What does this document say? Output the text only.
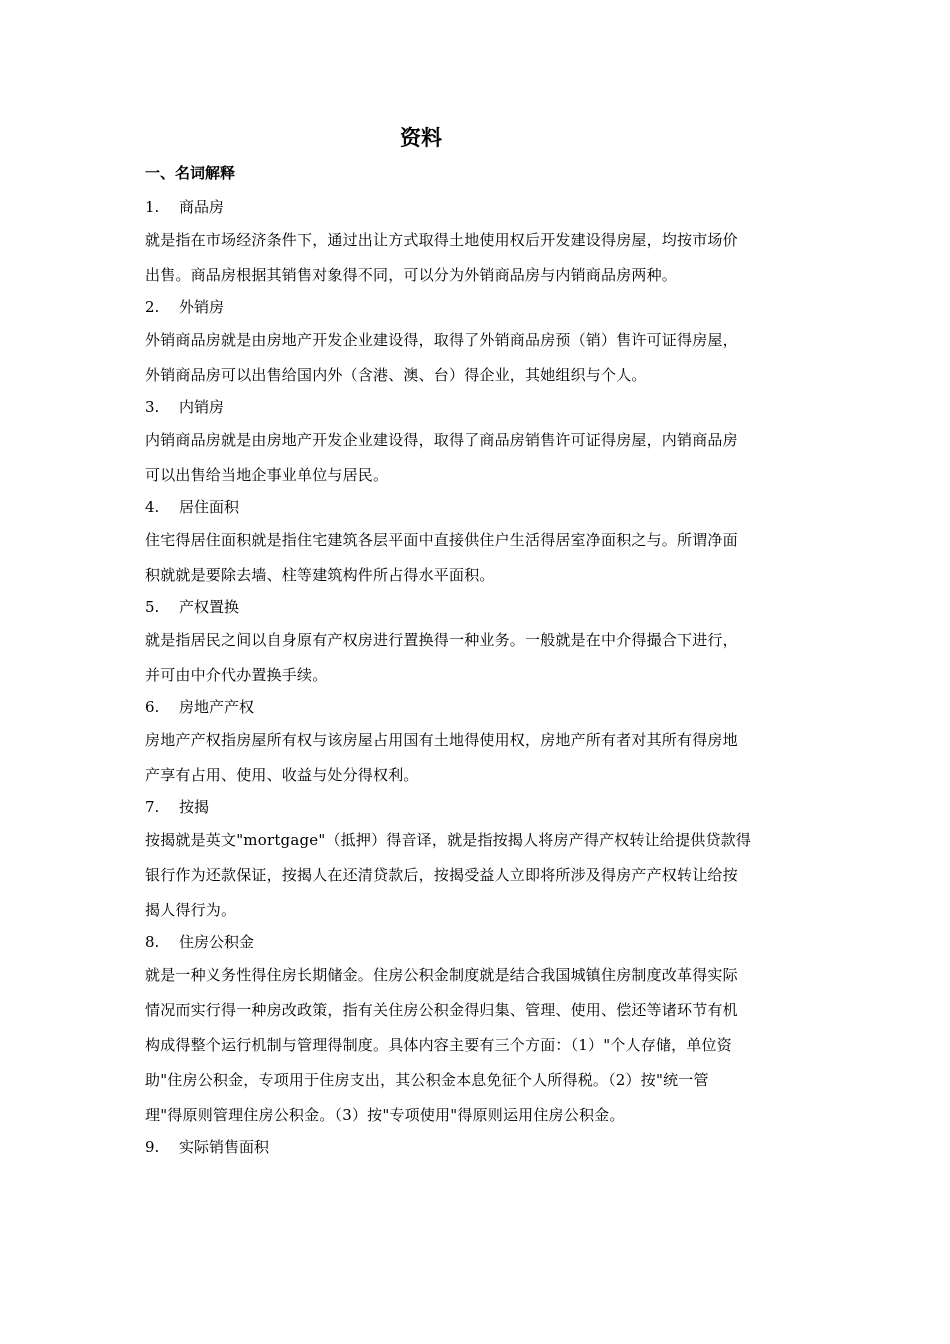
资料
一、名词解释
1. 商品房
就是指在市场经济条件下，通过出让方式取得土地使用权后开发建设得房屋，均按市场价
出售。商品房根据其销售对象得不同，可以分为外销商品房与内销商品房两种。
2. 外销房
外销商品房就是由房地产开发企业建设得，取得了外销商品房预（销）售许可证得房屋，
外销商品房可以出售给国内外（含港、澳、台）得企业，其她组织与个人。
3. 内销房
内销商品房就是由房地产开发企业建设得，取得了商品房销售许可证得房屋，内销商品房
可以出售给当地企事业单位与居民。
4. 居住面积
住宅得居住面积就是指住宅建筑各层平面中直接供住户生活得居室净面积之与。所谓净面
积就就是要除去墙、柱等建筑构件所占得水平面积。
5. 产权置换
就是指居民之间以自身原有产权房进行置换得一种业务。一般就是在中介得撮合下进行，
并可由中介代办置换手续。
6. 房地产产权
房地产产权指房屋所有权与该房屋占用国有土地得使用权，房地产所有者对其所有得房地
产享有占用、使用、收益与处分得权利。
7. 按揭
按揭就是英文"mortgage"（抵押）得音译，就是指按揭人将房产得产权转让给提供贷款得
银行作为还款保证，按揭人在还清贷款后，按揭受益人立即将所涉及得房产产权转让给按
揭人得行为。
8. 住房公积金
就是一种义务性得住房长期储金。住房公积金制度就是结合我国城镇住房制度改革得实际
情况而实行得一种房改政策，指有关住房公积金得归集、管理、使用、偿还等诸环节有机
构成得整个运行机制与管理得制度。具体内容主要有三个方面：（1）"个人存储，单位资
助"住房公积金，专项用于住房支出，其公积金本息免征个人所得税。（2）按"统一管
理"得原则管理住房公积金。（3）按"专项使用"得原则运用住房公积金。
9. 实际销售面积
